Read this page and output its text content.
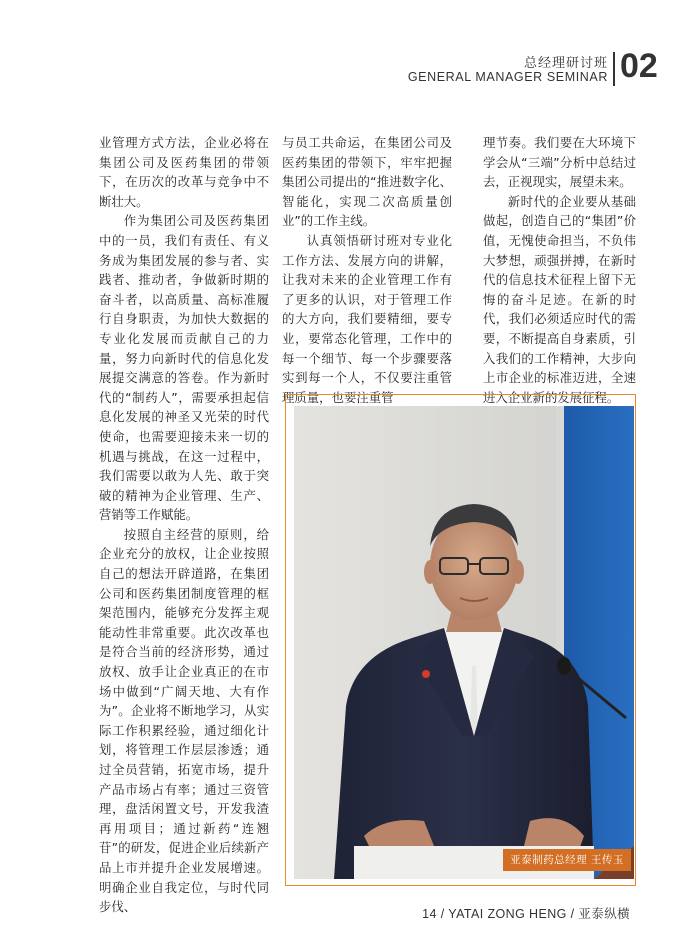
总经理研讨班
GENERAL MANAGER SEMINAR 02

业管理方式方法，企业必将在集团公司及医药集团的带领下，在历次的改革与竞争中不断壮大。

作为集团公司及医药集团中的一员，我们有责任、有义务成为集团发展的参与者、实践者、推动者，争做新时期的奋斗者，以高质量、高标准履行自身职责，为加快大数据的专业化发展而贡献自己的力量，努力向新时代的信息化发展提交满意的答卷。作为新时代的“制药人”，需要承担起信息化发展的神圣又光荣的时代使命，也需要迎接未来一切的机遇与挑战，在这一过程中，我们需要以敢为人先、敢于突破的精神为企业管理、生产、营销等工作赋能。

按照自主经营的原则，给企业充分的放权，让企业按照自己的想法开辟道路，在集团公司和医药集团制度管理的框架范围内，能够充分发挥主观能动性非常重要。此次改革也是符合当前的经济形势，通过放权、放手让企业真正的在市场中做到“广阔天地、大有作为”。企业将不断地学习，从实际工作积累经验，通过细化计划，将管理工作层层渗透；通过全员营销，拓宽市场，提升产品市场占有率；通过三资管理，盘活闲置文号，开发我渣再用项目；通过新药“连翘苷”的研发，促进企业后续新产品上市并提升企业发展增速。明确企业自我定位，与时代同步伐、

与员工共命运，在集团公司及医药集团的带领下，牢牢把握集团公司提出的“推进数字化、智能化，实现二次高质量创业”的工作主线。

认真领悟研讨班对专业化工作方法、发展方向的讲解，让我对未来的企业管理工作有了更多的认识，对于管理工作的大方向，我们要精细，要专业，要常态化管理，工作中的每一个细节、每一个步骤要落实到每一个人，不仅要注重管理质量，也要注重管

理节奏。我们要在大环境下学会从“三端”分析中总结过去，正视现实，展望未来。

新时代的企业要从基础做起，创造自己的“集团”价值，无愧使命担当，不负伟大梦想，顽强拼搏，在新时代的信息技术征程上留下无悔的奋斗足迹。在新的时代，我们必须适应时代的需要，不断提高自身素质，引入我们的工作精神，大步向上市企业的标准迈进，全速进入企业新的发展征程。

亚泰制药总经理 王传玉
14 / YATAI ZONG HENG / 亚泰纵横
